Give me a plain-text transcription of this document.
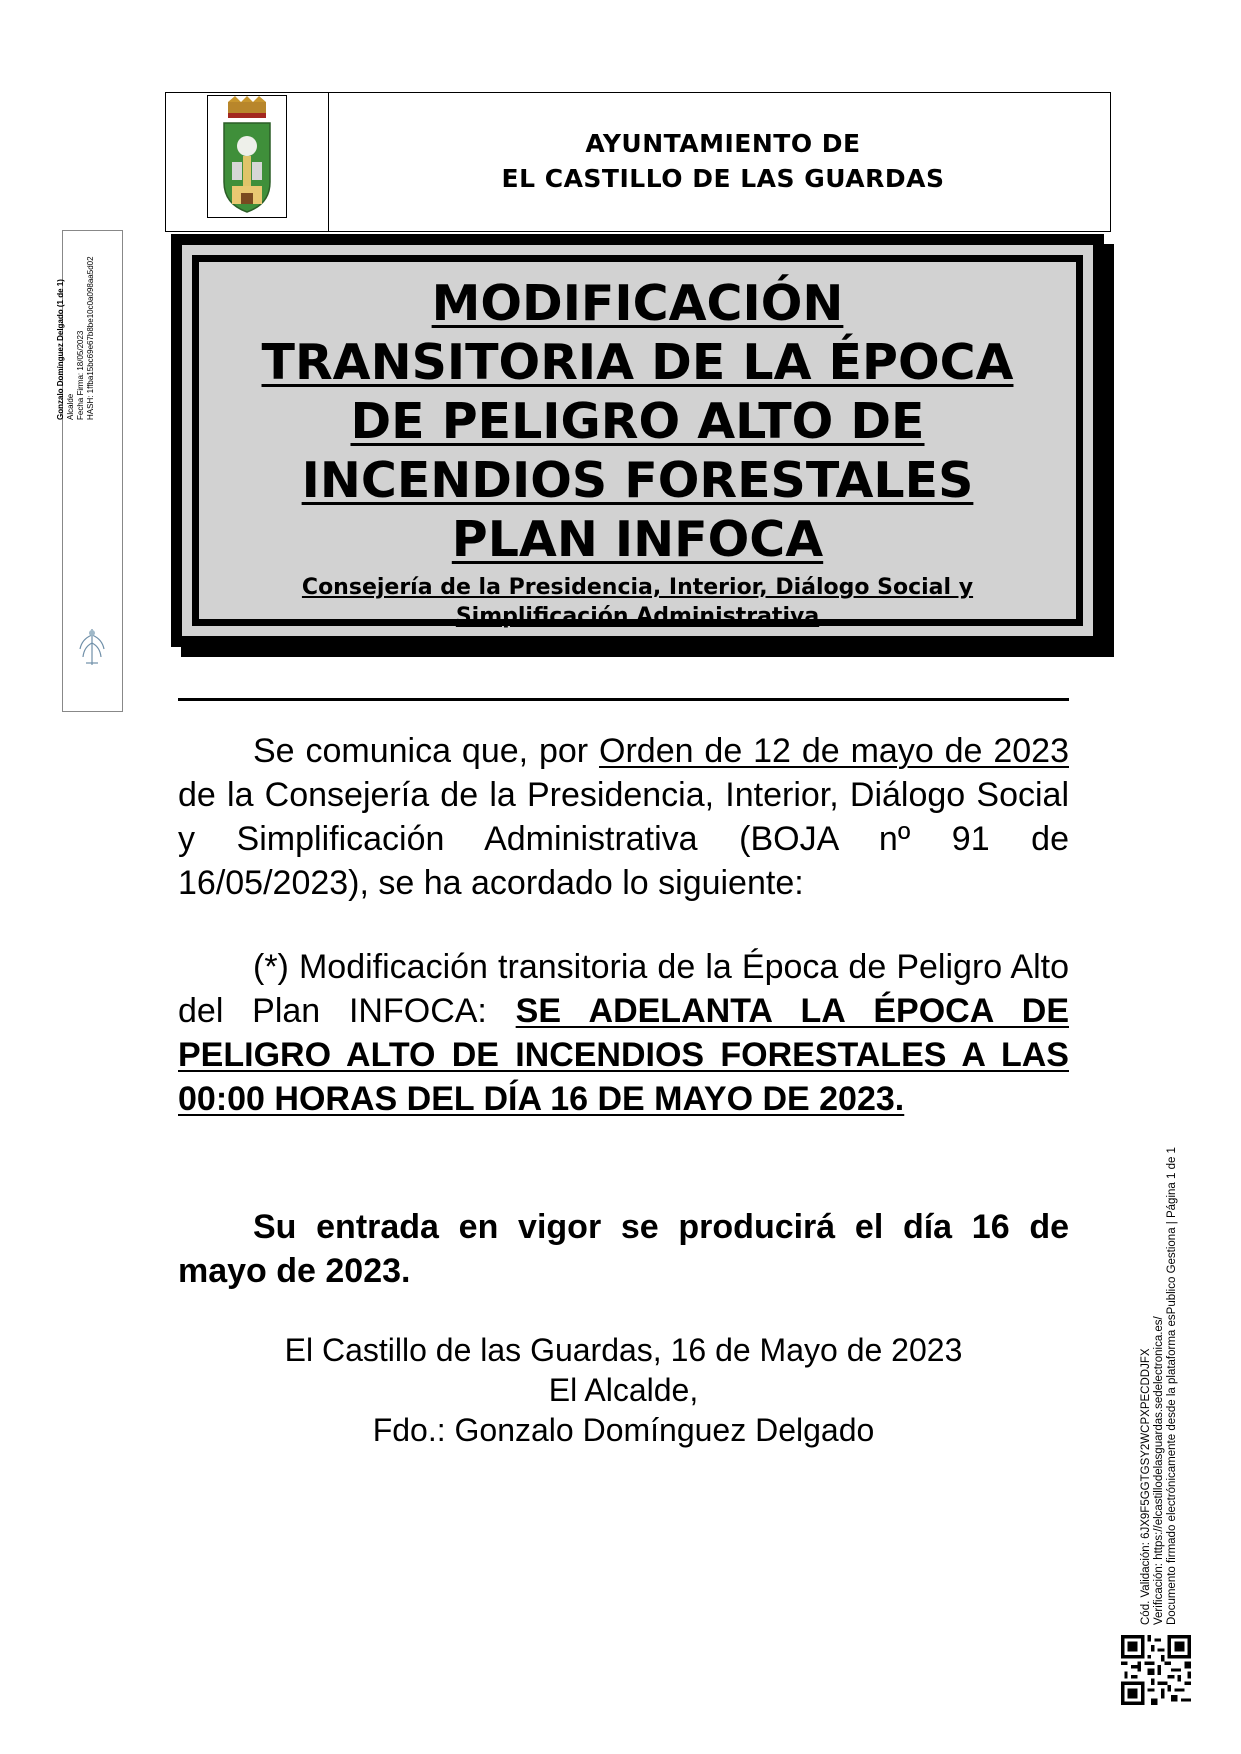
AYUNTAMIENTO DE
EL CASTILLO DE LAS GUARDAS
MODIFICACIÓN
TRANSITORIA DE LA ÉPOCA
DE PELIGRO ALTO DE
INCENDIOS FORESTALES
PLAN INFOCA
Consejería de la Presidencia, Interior, Diálogo Social y Simplificación Administrativa
Se comunica que, por Orden de 12 de mayo de 2023 de la Consejería de la Presidencia, Interior, Diálogo Social y Simplificación Administrativa (BOJA nº 91 de 16/05/2023), se ha acordado lo siguiente:
(*) Modificación transitoria de la Época de Peligro Alto del Plan INFOCA: SE ADELANTA LA ÉPOCA DE PELIGRO ALTO DE INCENDIOS FORESTALES A LAS 00:00 HORAS DEL DÍA 16 DE MAYO DE 2023.
Su entrada en vigor se producirá el día 16 de mayo de 2023.
El Castillo de las Guardas, 16 de Mayo de 2023
El Alcalde,
Fdo.: Gonzalo Domínguez Delgado
Gonzalo Domínguez Delgado (1 de 1) Alcalde Fecha Firma: 18/05/2023 HASH: 1ffba15bc69e67b8be10c0a098aa5d02
Cód. Validación: 6JX9F5GGTGSY2WCPXPECDDJFX Verificación: https://elcastillodelasguardas.sedelectronica.es/ Documento firmado electrónicamente desde la plataforma esPublico Gestiona | Página 1 de 1
